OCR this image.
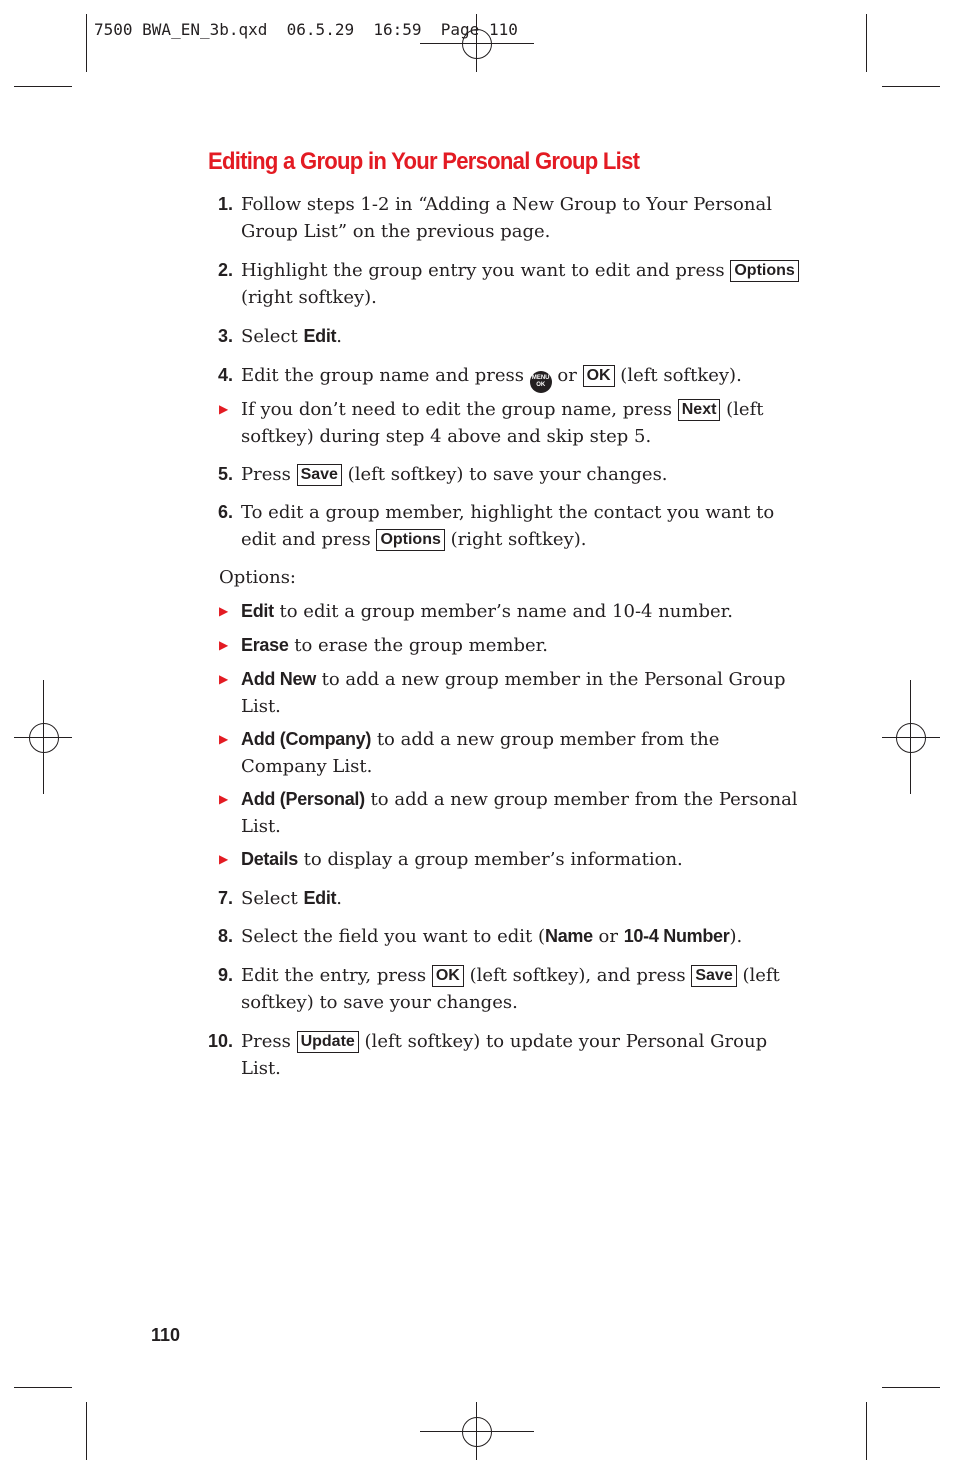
7500 BWA_EN_3b.qxd  06.5.29  16:59  Page 110
Editing a Group in Your Personal Group List
1. Follow steps 1-2 in “Adding a New Group to Your Personal Group List” on the previous page.
2. Highlight the group entry you want to edit and press Options (right softkey).
3. Select Edit.
4. Edit the group name and press MENU
OK or OK (left softkey).
▶ If you don’t need to edit the group name, press Next (left softkey) during step 4 above and skip step 5.
5. Press Save (left softkey) to save your changes.
6. To edit a group member, highlight the contact you want to edit and press Options (right softkey).
Options:
▶ Edit to edit a group member’s name and 10-4 number.
▶ Erase to erase the group member.
▶ Add New to add a new group member in the Personal Group List.
▶ Add (Company) to add a new group member from the Company List.
▶ Add (Personal) to add a new group member from the Personal List.
▶ Details to display a group member’s information.
7. Select Edit.
8. Select the field you want to edit (Name or 10-4 Number).
9. Edit the entry, press OK (left softkey), and press Save (left softkey) to save your changes.
10. Press Update (left softkey) to update your Personal Group List.
110
